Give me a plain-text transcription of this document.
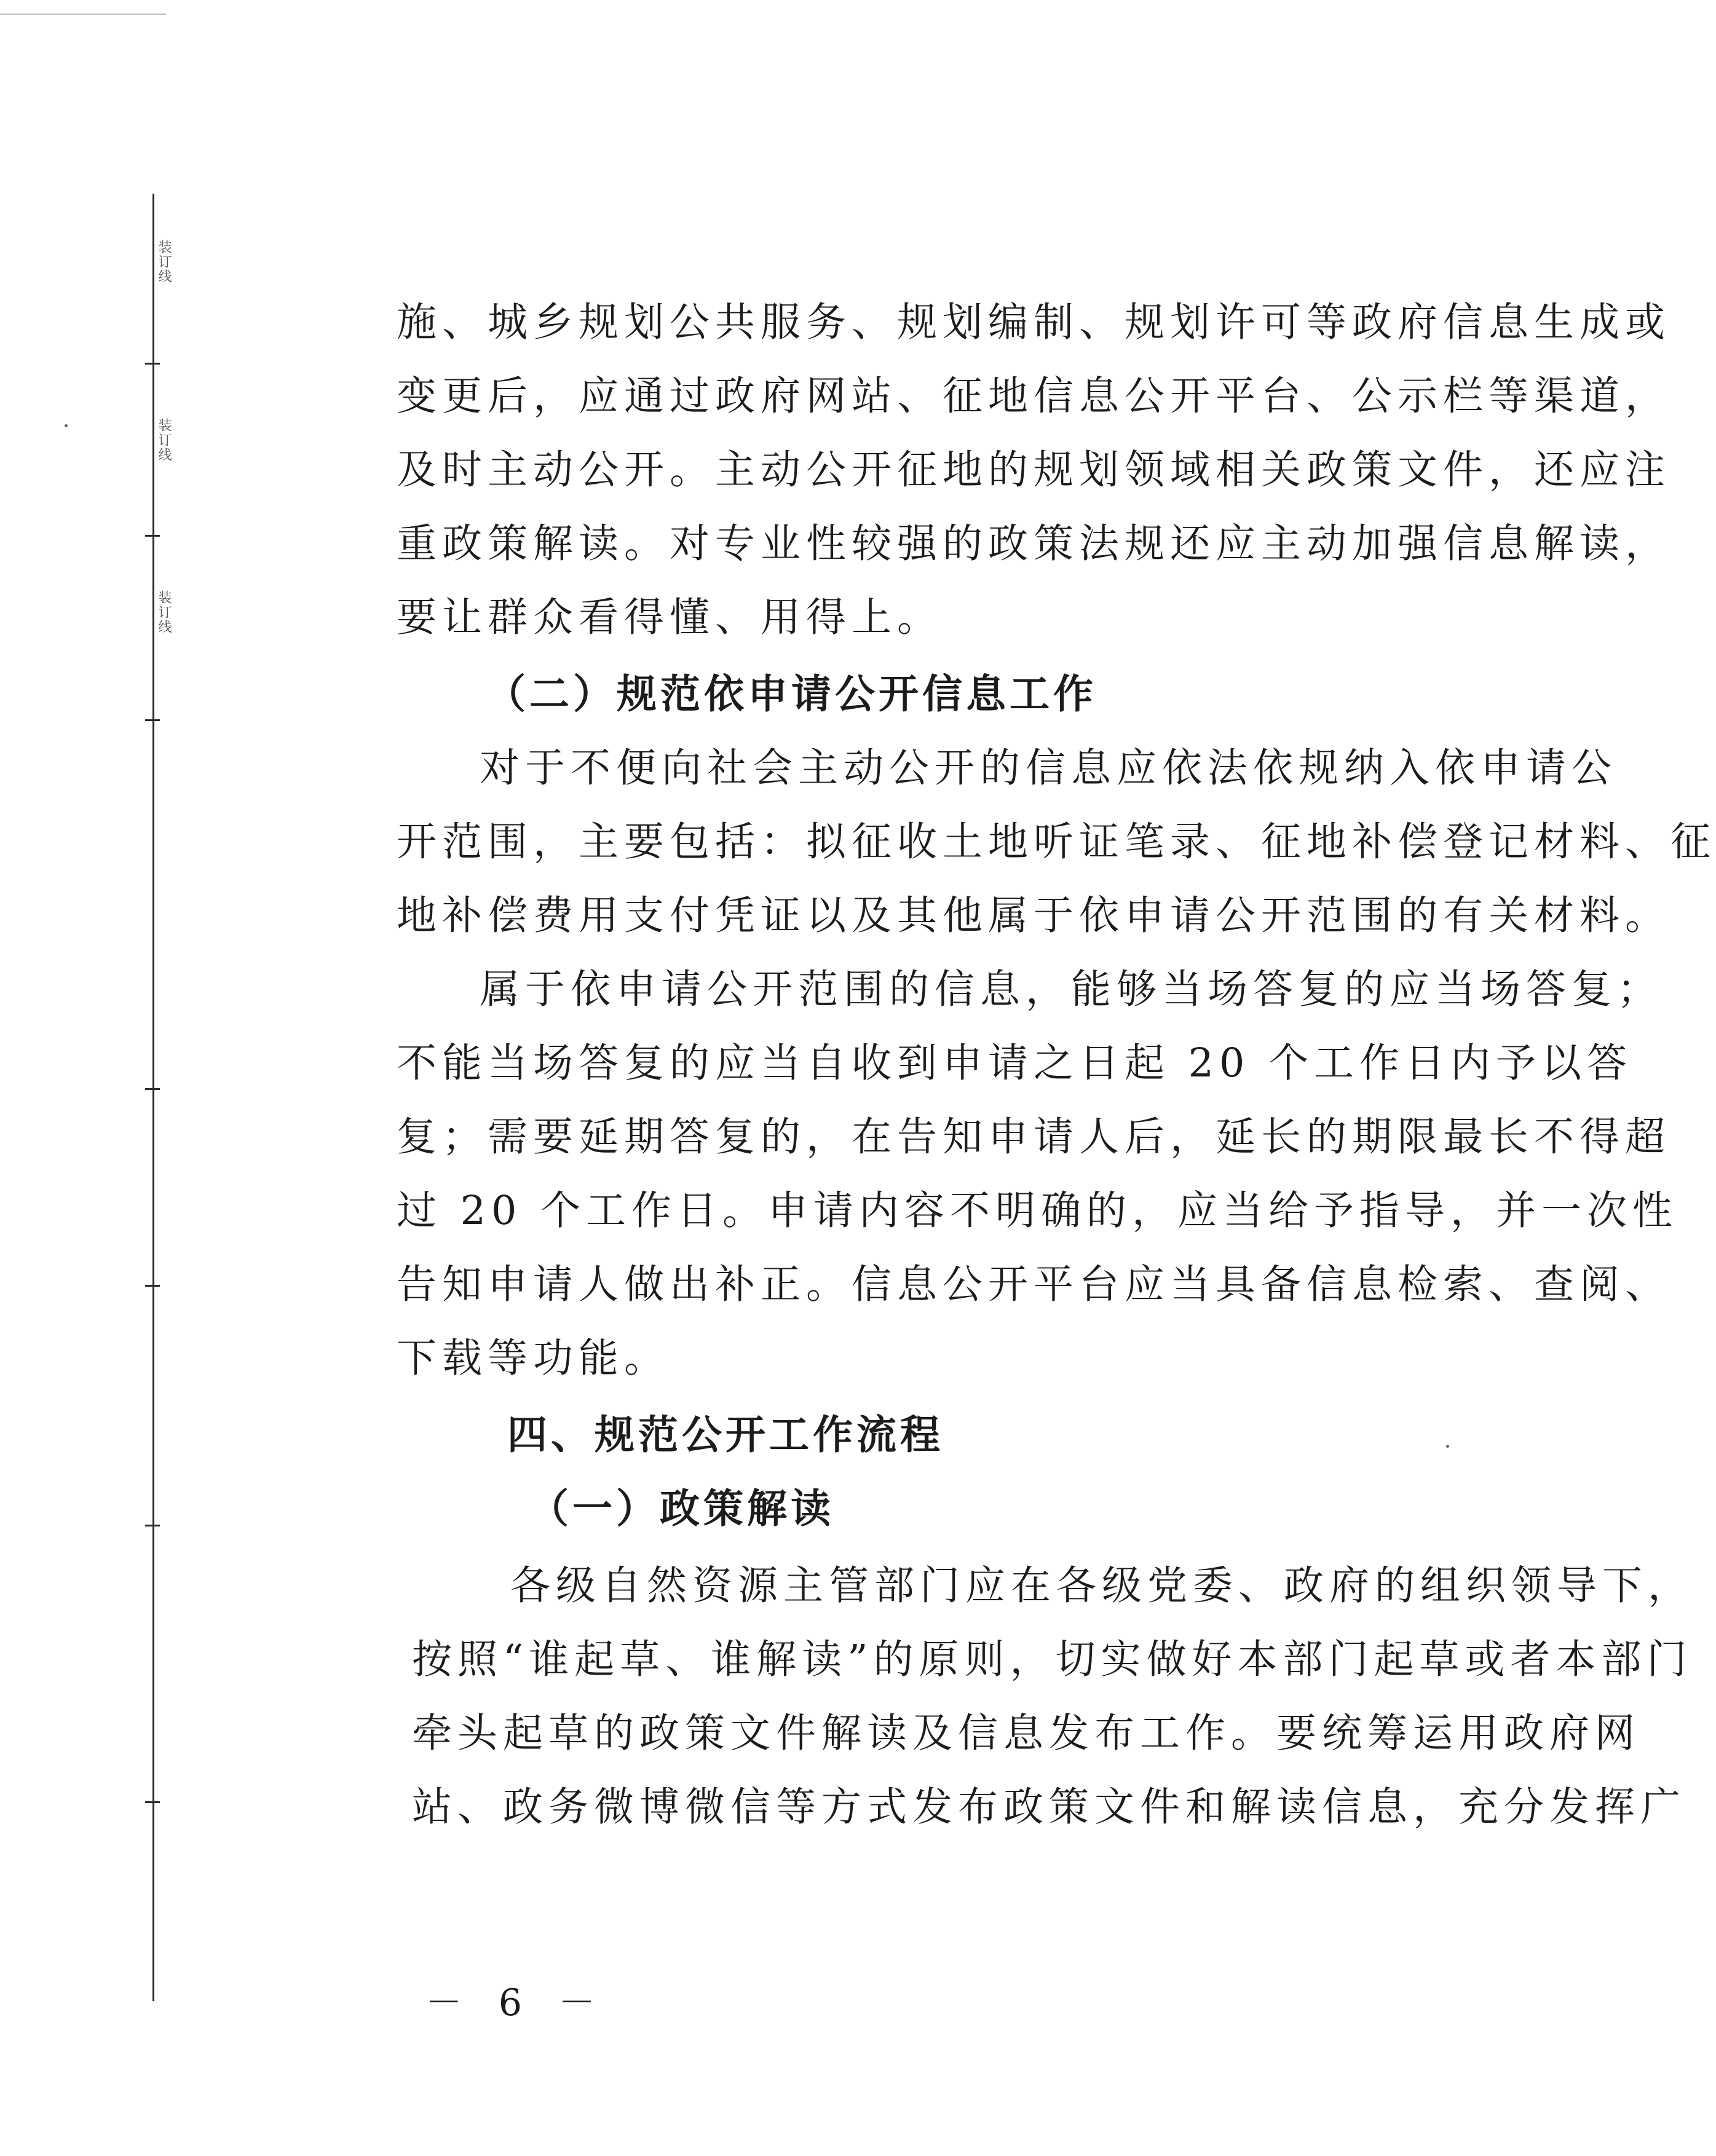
装订线
装订线
装订线
施、城乡规划公共服务、规划编制、规划许可等政府信息生成或
变更后，应通过政府网站、征地信息公开平台、公示栏等渠道，
及时主动公开。主动公开征地的规划领域相关政策文件，还应注
重政策解读。对专业性较强的政策法规还应主动加强信息解读，
要让群众看得懂、用得上。
（二）规范依申请公开信息工作
对于不便向社会主动公开的信息应依法依规纳入依申请公
开范围，主要包括：拟征收土地听证笔录、征地补偿登记材料、征
地补偿费用支付凭证以及其他属于依申请公开范围的有关材料。
属于依申请公开范围的信息，能够当场答复的应当场答复；
不能当场答复的应当自收到申请之日起 20 个工作日内予以答
复；需要延期答复的，在告知申请人后，延长的期限最长不得超
过 20 个工作日。申请内容不明确的，应当给予指导，并一次性
告知申请人做出补正。信息公开平台应当具备信息检索、查阅、
下载等功能。
四、规范公开工作流程
（一）政策解读
各级自然资源主管部门应在各级党委、政府的组织领导下，
按照“谁起草、谁解读”的原则，切实做好本部门起草或者本部门
牵头起草的政策文件解读及信息发布工作。要统筹运用政府网
站、政务微博微信等方式发布政策文件和解读信息，充分发挥广
－ 6 －
